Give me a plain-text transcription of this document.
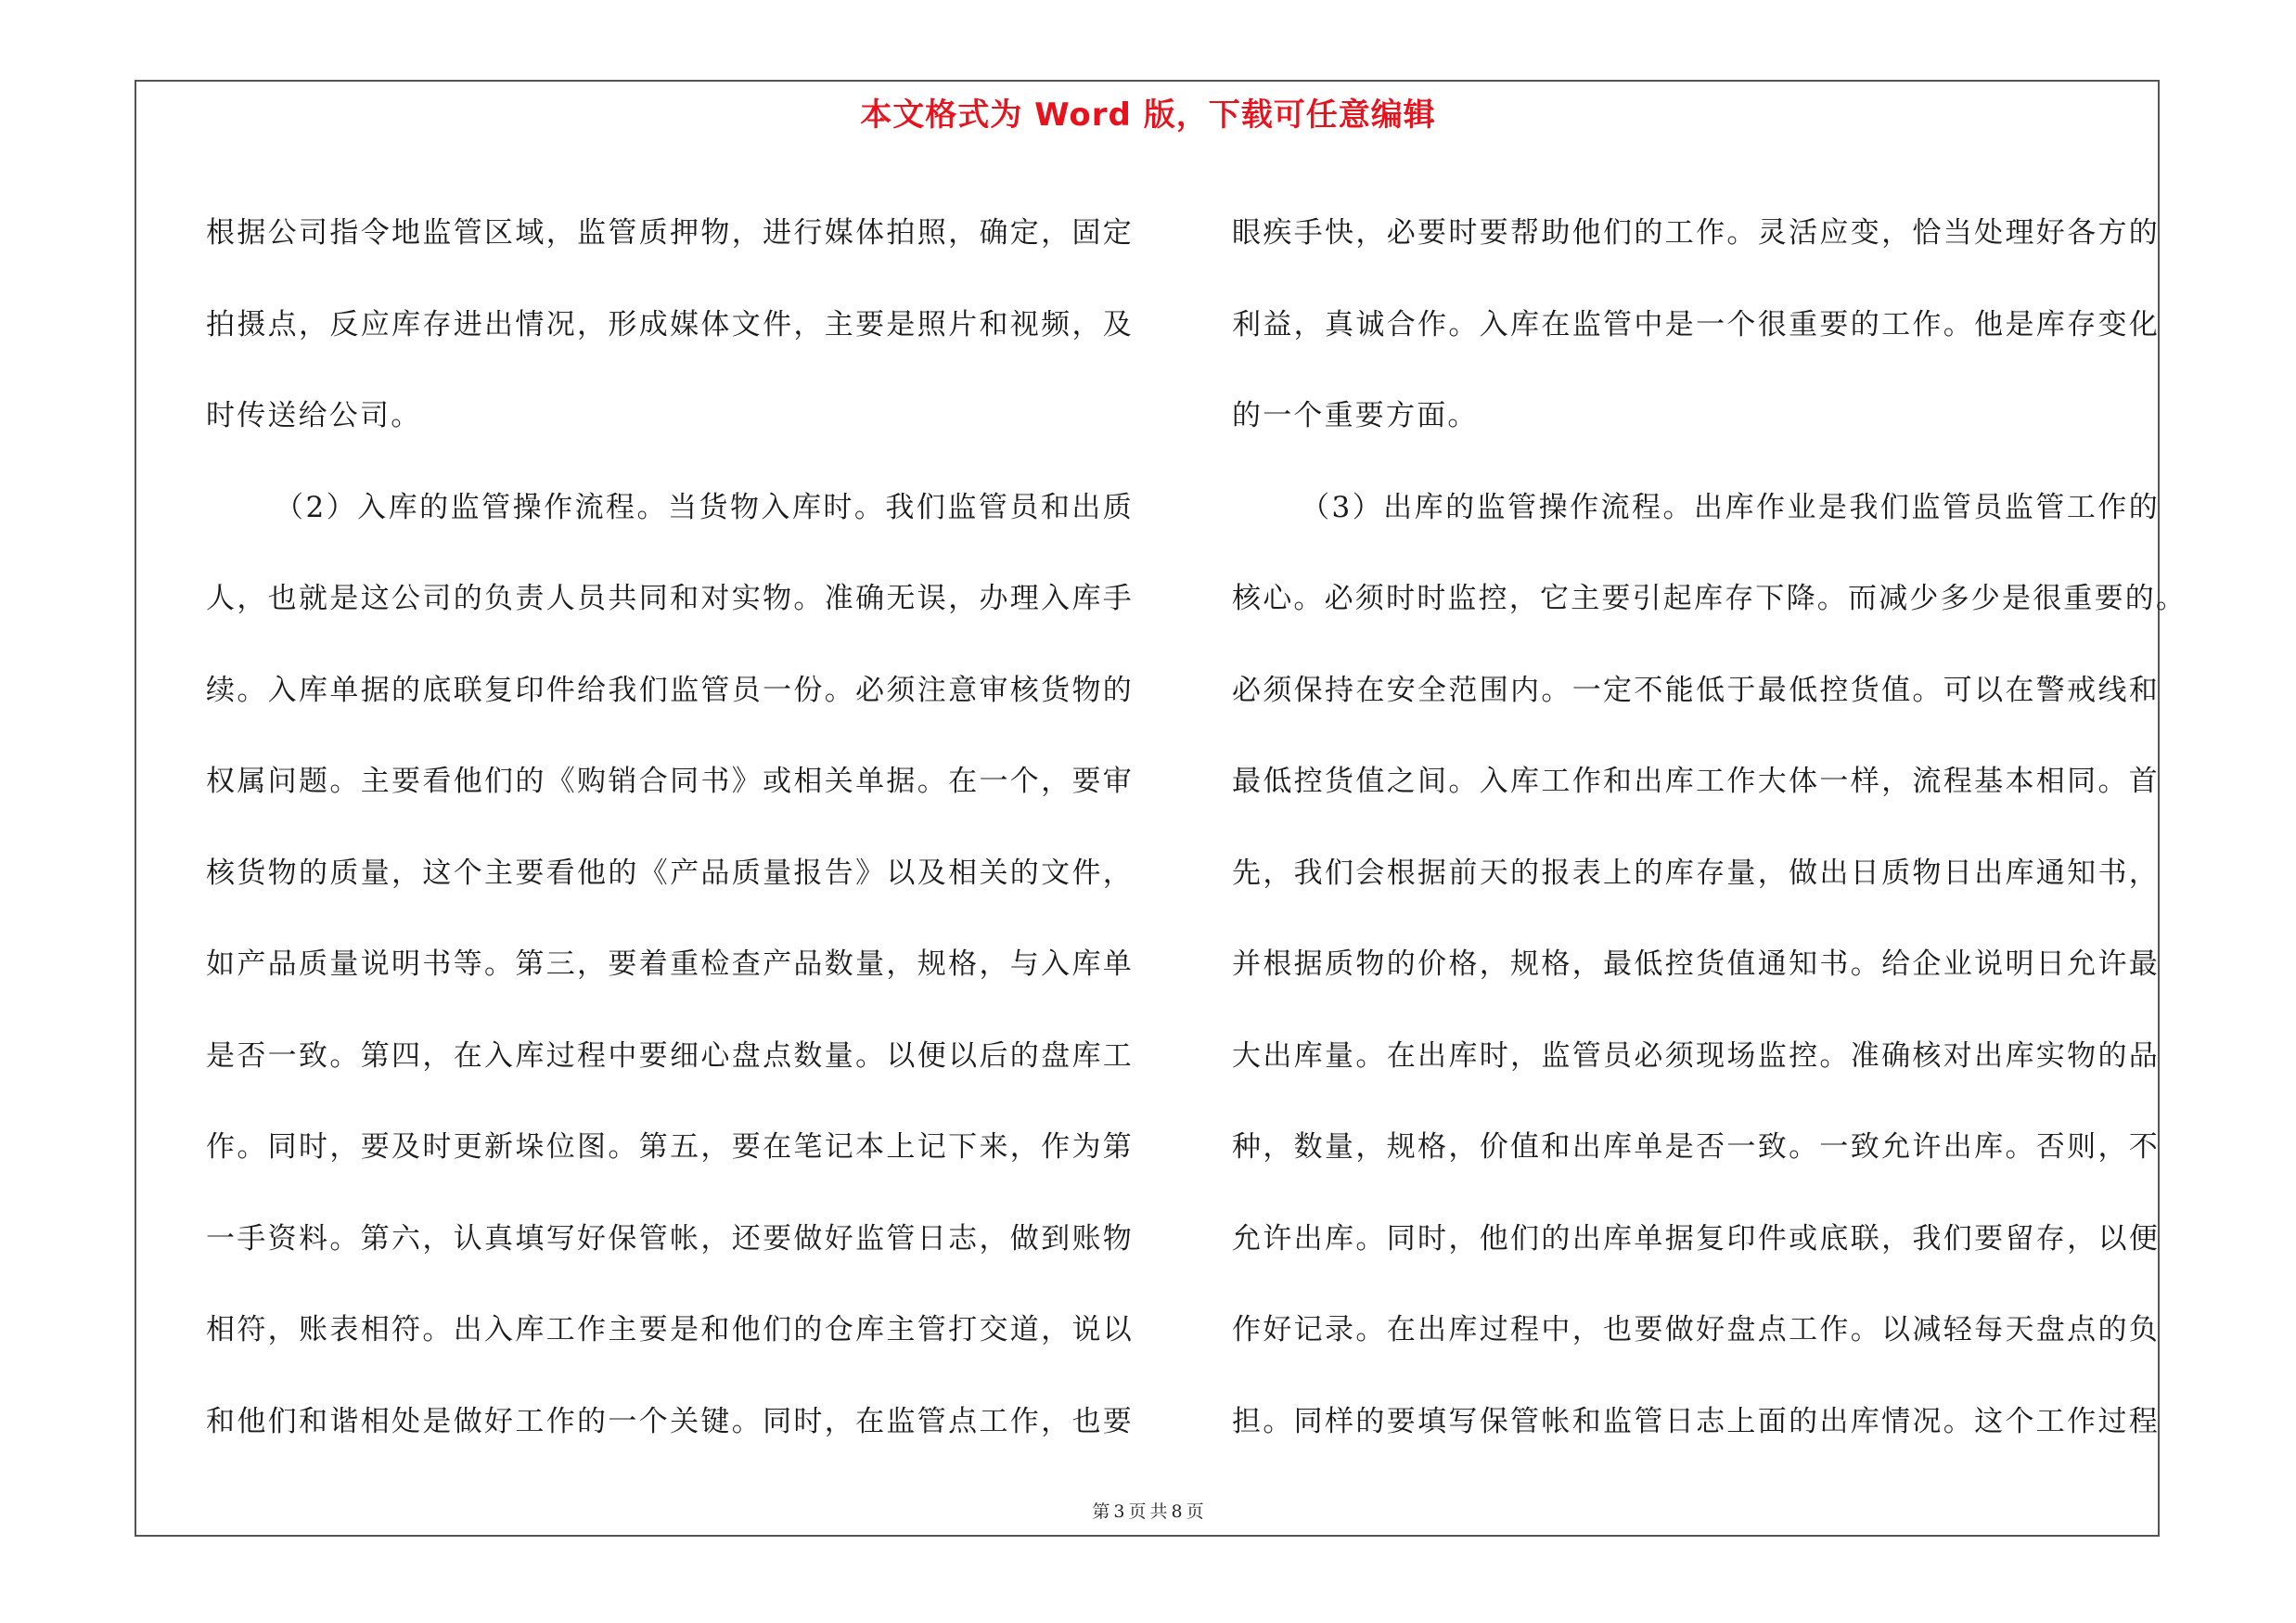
本文格式为 Word 版，下载可任意编辑
根据公司指令地监管区域，监管质押物，进行媒体拍照，确定，固定
拍摄点，反应库存进出情况，形成媒体文件，主要是照片和视频，及
时传送给公司。
（2）入库的监管操作流程。当货物入库时。我们监管员和出质
人，也就是这公司的负责人员共同和对实物。准确无误，办理入库手
续。入库单据的底联复印件给我们监管员一份。必须注意审核货物的
权属问题。主要看他们的《购销合同书》或相关单据。在一个，要审
核货物的质量，这个主要看他的《产品质量报告》以及相关的文件，
如产品质量说明书等。第三，要着重检查产品数量，规格，与入库单
是否一致。第四，在入库过程中要细心盘点数量。以便以后的盘库工
作。同时，要及时更新垛位图。第五，要在笔记本上记下来，作为第
一手资料。第六，认真填写好保管帐，还要做好监管日志，做到账物
相符，账表相符。出入库工作主要是和他们的仓库主管打交道，说以
和他们和谐相处是做好工作的一个关键。同时，在监管点工作，也要
眼疾手快，必要时要帮助他们的工作。灵活应变，恰当处理好各方的
利益，真诚合作。入库在监管中是一个很重要的工作。他是库存变化
的一个重要方面。
（3）出库的监管操作流程。出库作业是我们监管员监管工作的
核心。必须时时监控，它主要引起库存下降。而减少多少是很重要的。
必须保持在安全范围内。一定不能低于最低控货值。可以在警戒线和
最低控货值之间。入库工作和出库工作大体一样，流程基本相同。首
先，我们会根据前天的报表上的库存量，做出日质物日出库通知书，
并根据质物的价格，规格，最低控货值通知书。给企业说明日允许最
大出库量。在出库时，监管员必须现场监控。准确核对出库实物的品
种，数量，规格，价值和出库单是否一致。一致允许出库。否则，不
允许出库。同时，他们的出库单据复印件或底联，我们要留存，以便
作好记录。在出库过程中，也要做好盘点工作。以减轻每天盘点的负
担。同样的要填写保管帐和监管日志上面的出库情况。这个工作过程
第 3 页 共 8 页
